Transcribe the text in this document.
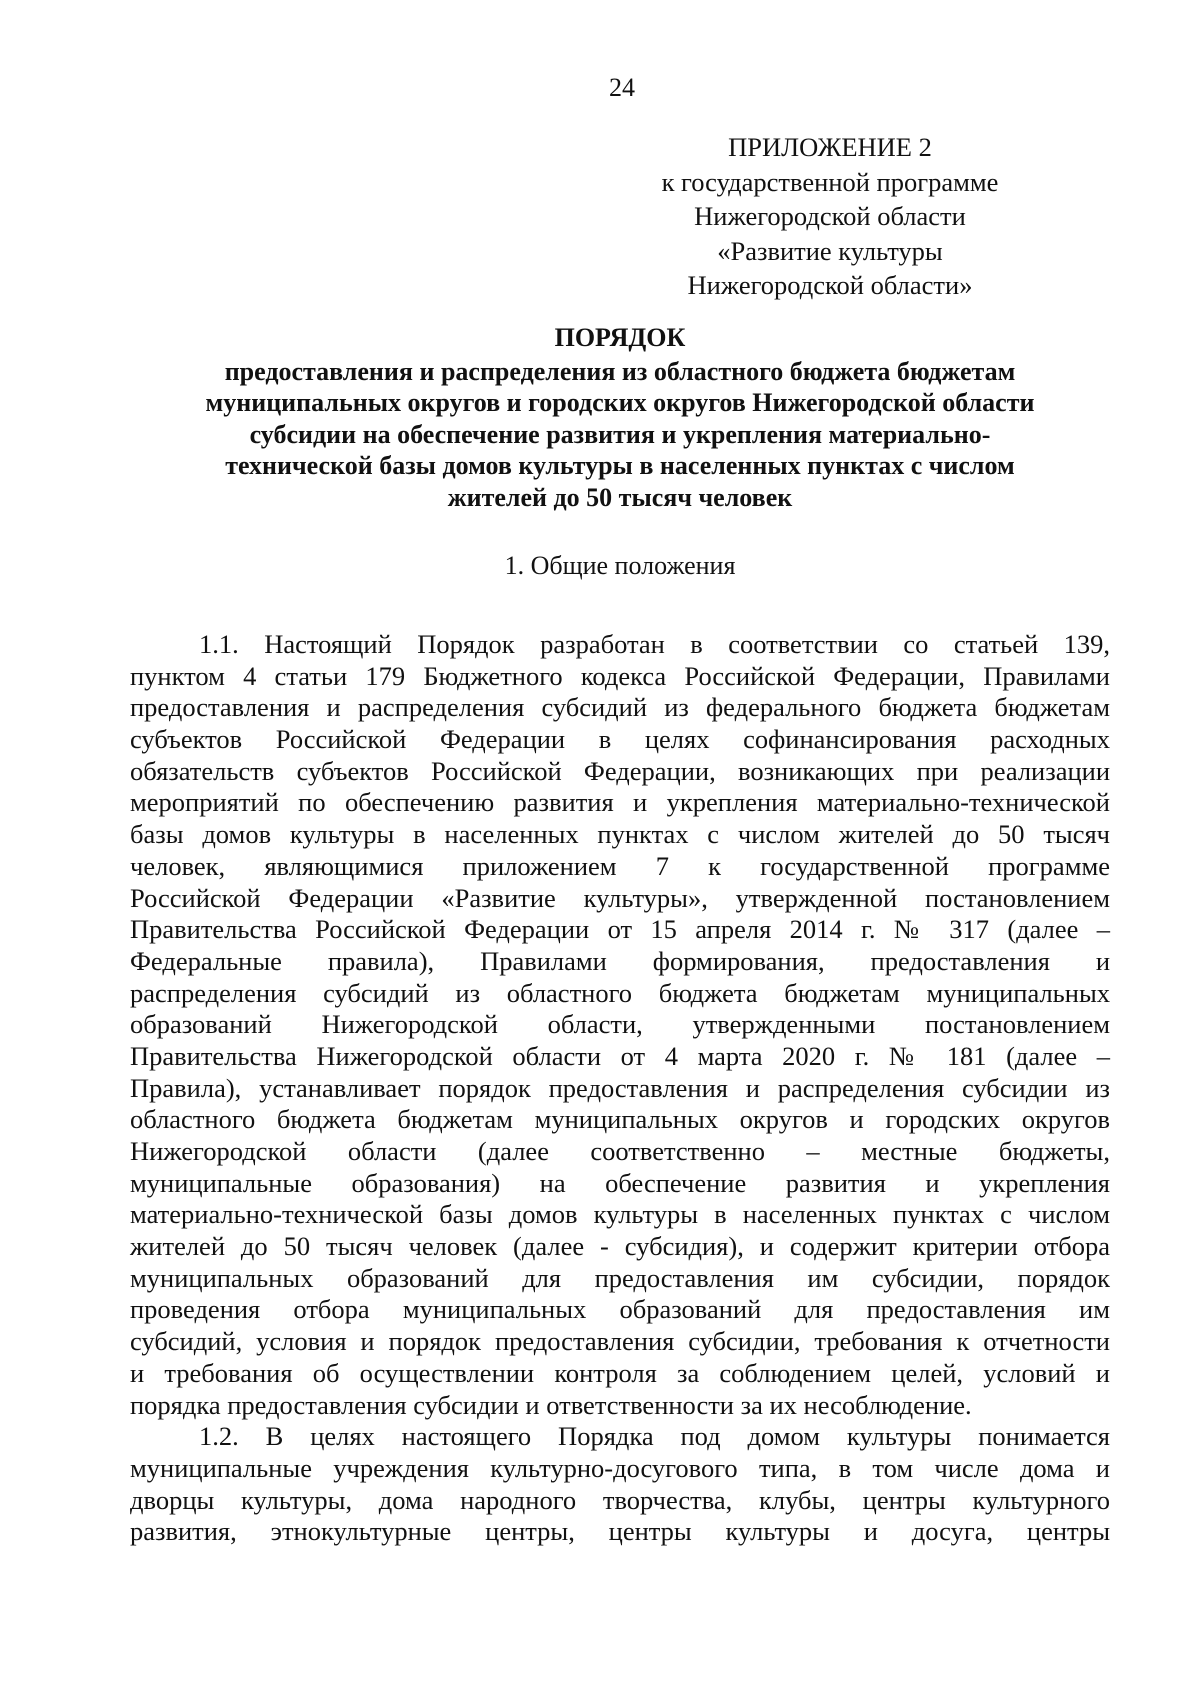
24
ПРИЛОЖЕНИЕ 2
к государственной программе
Нижегородской области
«Развитие культуры
Нижегородской области»
ПОРЯДОК
предоставления и распределения из областного бюджета бюджетам
муниципальных округов и городских округов Нижегородской области
субсидии на обеспечение развития и укрепления материально-
технической базы домов культуры в населенных пунктах с числом
жителей до 50 тысяч человек
1. Общие положения
1.1. Настоящий Порядок разработан в соответствии со статьей 139,
пунктом 4 статьи 179 Бюджетного кодекса Российской Федерации, Правилами
предоставления и распределения субсидий из федерального бюджета бюджетам
субъектов Российской Федерации в целях софинансирования расходных
обязательств субъектов Российской Федерации, возникающих при реализации
мероприятий по обеспечению развития и укрепления материально-технической
базы домов культуры в населенных пунктах с числом жителей до 50 тысяч
человек, являющимися приложением 7 к государственной программе
Российской Федерации «Развитие культуры», утвержденной постановлением
Правительства Российской Федерации от 15 апреля 2014 г. № 317 (далее –
Федеральные правила), Правилами формирования, предоставления и
распределения субсидий из областного бюджета бюджетам муниципальных
образований Нижегородской области, утвержденными постановлением
Правительства Нижегородской области от 4 марта 2020 г. № 181 (далее –
Правила), устанавливает порядок предоставления и распределения субсидии из
областного бюджета бюджетам муниципальных округов и городских округов
Нижегородской области (далее соответственно – местные бюджеты,
муниципальные образования) на обеспечение развития и укрепления
материально-технической базы домов культуры в населенных пунктах с числом
жителей до 50 тысяч человек (далее - субсидия), и содержит критерии отбора
муниципальных образований для предоставления им субсидии, порядок
проведения отбора муниципальных образований для предоставления им
субсидий, условия и порядок предоставления субсидии, требования к отчетности
и требования об осуществлении контроля за соблюдением целей, условий и
порядка предоставления субсидии и ответственности за их несоблюдение.
1.2. В целях настоящего Порядка под домом культуры понимается
муниципальные учреждения культурно-досугового типа, в том числе дома и
дворцы культуры, дома народного творчества, клубы, центры культурного
развития, этнокультурные центры, центры культуры и досуга, центры
